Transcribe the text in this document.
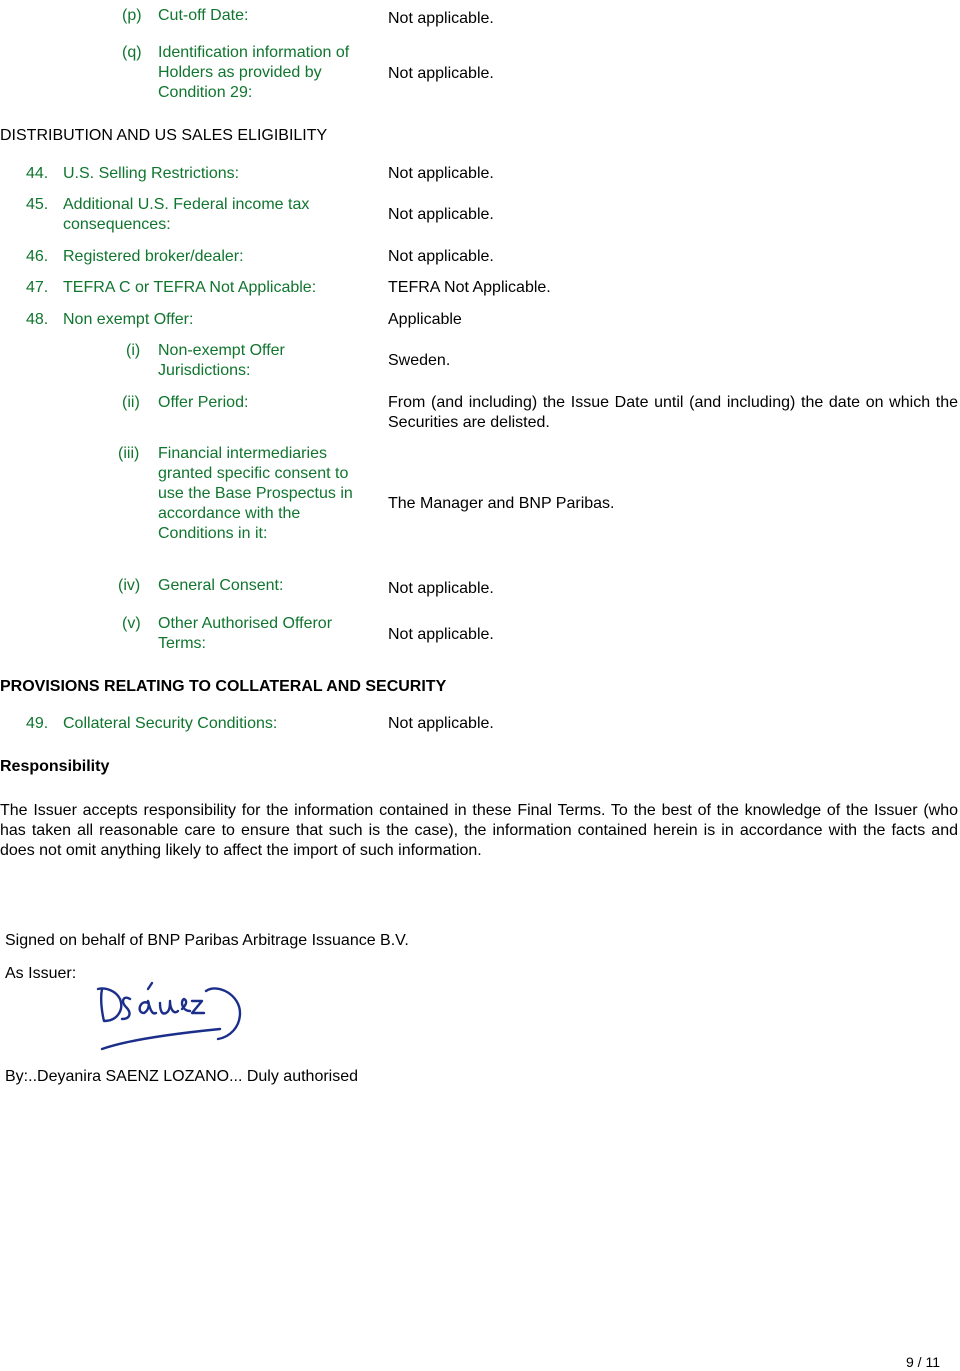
(p) Cut-off Date:	Not applicable.
(q) Identification information of Holders as provided by Condition 29:
Not applicable.
DISTRIBUTION AND US SALES ELIGIBILITY
44. U.S. Selling Restrictions:	Not applicable.
45. Additional U.S. Federal income tax consequences:
Not applicable.
46. Registered broker/dealer:	Not applicable.
47. TEFRA C or TEFRA Not Applicable:	TEFRA Not Applicable.
48. Non exempt Offer:	Applicable
(i) Non-exempt Offer Jurisdictions:
Sweden.
(ii) Offer Period:	From (and including) the Issue Date until (and including) the date on which the Securities are delisted.
(iii) Financial intermediaries granted specific consent to use the Base Prospectus in accordance with the Conditions in it:
The Manager and BNP Paribas.
(iv) General Consent:	Not applicable.
(v) Other Authorised Offeror Terms:
Not applicable.
PROVISIONS RELATING TO COLLATERAL AND SECURITY
49. Collateral Security Conditions:	Not applicable.
Responsibility
The Issuer accepts responsibility for the information contained in these Final Terms. To the best of the knowledge of the Issuer (who has taken all reasonable care to ensure that such is the case), the information contained herein is in accordance with the facts and does not omit anything likely to affect the import of such information.
Signed on behalf of BNP Paribas Arbitrage Issuance B.V.
As Issuer:
By:..Deyanira SAENZ LOZANO... Duly authorised
9 / 11
